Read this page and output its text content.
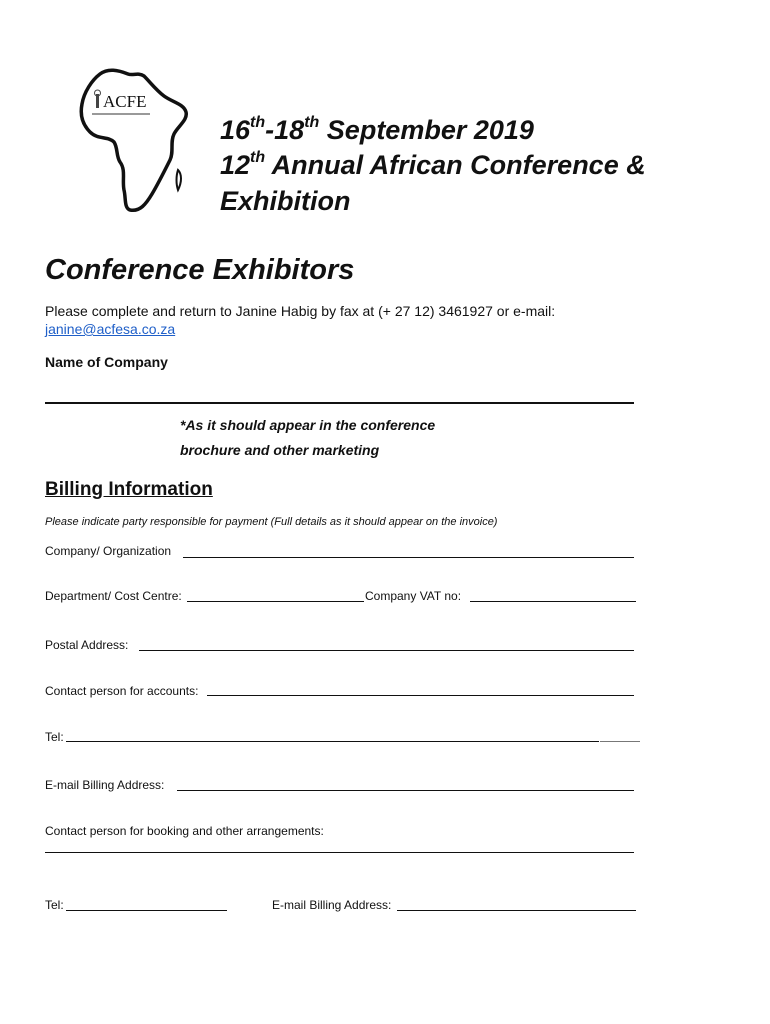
ACFE
16th-18th September 2019
12th Annual African Conference &
Exhibition
Conference Exhibitors
Please complete and return to Janine Habig by fax at (+ 27 12) 3461927 or e-mail:
janine@acfesa.co.za
Name of Company
*As it should appear in the conference
brochure and other marketing
Billing Information
Please indicate party responsible for payment (Full details as it should appear on the invoice)
Company/ Organization
Department/ Cost Centre:	Company VAT no:
Postal Address:
Contact person for accounts:
Tel:
E-mail Billing Address:
Contact person for booking and other arrangements:
Tel:	E-mail Billing Address:
